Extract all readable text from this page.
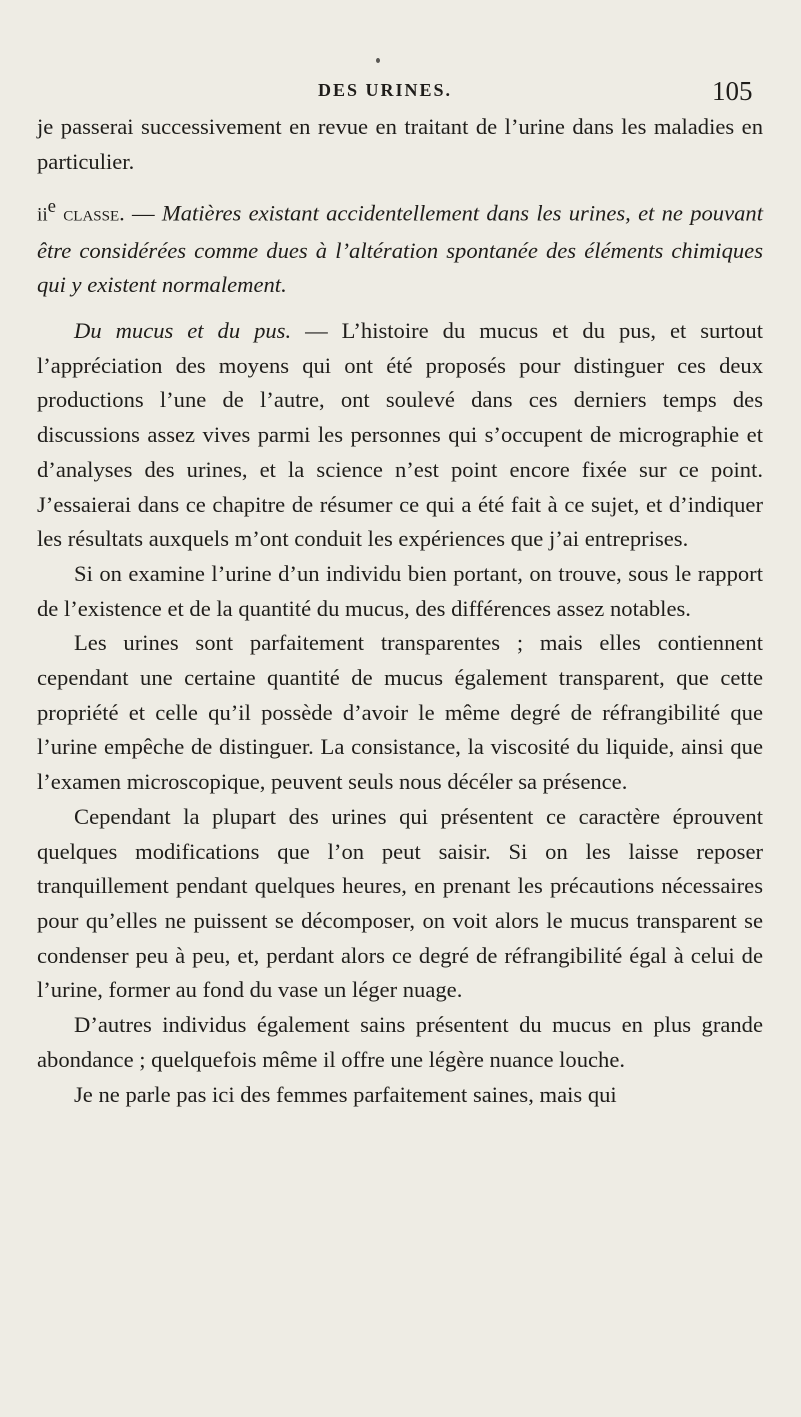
DES URINES.	105

je passerai successivement en revue en traitant de l’urine dans les maladies en particulier.

$ii^e$ classe. — Matières existant accidentellement dans les urines, et ne pouvant être considérées comme dues à l’altération spontanée des éléments chimiques qui y existent normalement.

Du mucus et du pus. — L’histoire du mucus et du pus, et surtout l’appréciation des moyens qui ont été proposés pour distinguer ces deux productions l’une de l’autre, ont soulevé dans ces derniers temps des discussions assez vives parmi les personnes qui s’occupent de micrographie et d’analyses des urines, et la science n’est point encore fixée sur ce point. J’essaierai dans ce chapitre de résumer ce qui a été fait à ce sujet, et d’indiquer les résultats auxquels m’ont conduit les expériences que j’ai entreprises.

Si on examine l’urine d’un individu bien portant, on trouve, sous le rapport de l’existence et de la quantité du mucus, des différences assez notables.

Les urines sont parfaitement transparentes ; mais elles contiennent cependant une certaine quantité de mucus également transparent, que cette propriété et celle qu’il possède d’avoir le même degré de réfrangibilité que l’urine empêche de distinguer. La consistance, la viscosité du liquide, ainsi que l’examen microscopique, peuvent seuls nous décéler sa présence.

Cependant la plupart des urines qui présentent ce caractère éprouvent quelques modifications que l’on peut saisir. Si on les laisse reposer tranquillement pendant quelques heures, en prenant les précautions nécessaires pour qu’elles ne puissent se décomposer, on voit alors le mucus transparent se condenser peu à peu, et, perdant alors ce degré de réfrangibilité égal à celui de l’urine, former au fond du vase un léger nuage.

D’autres individus également sains présentent du mucus en plus grande abondance ; quelquefois même il offre une légère nuance louche.

Je ne parle pas ici des femmes parfaitement saines, mais qui
